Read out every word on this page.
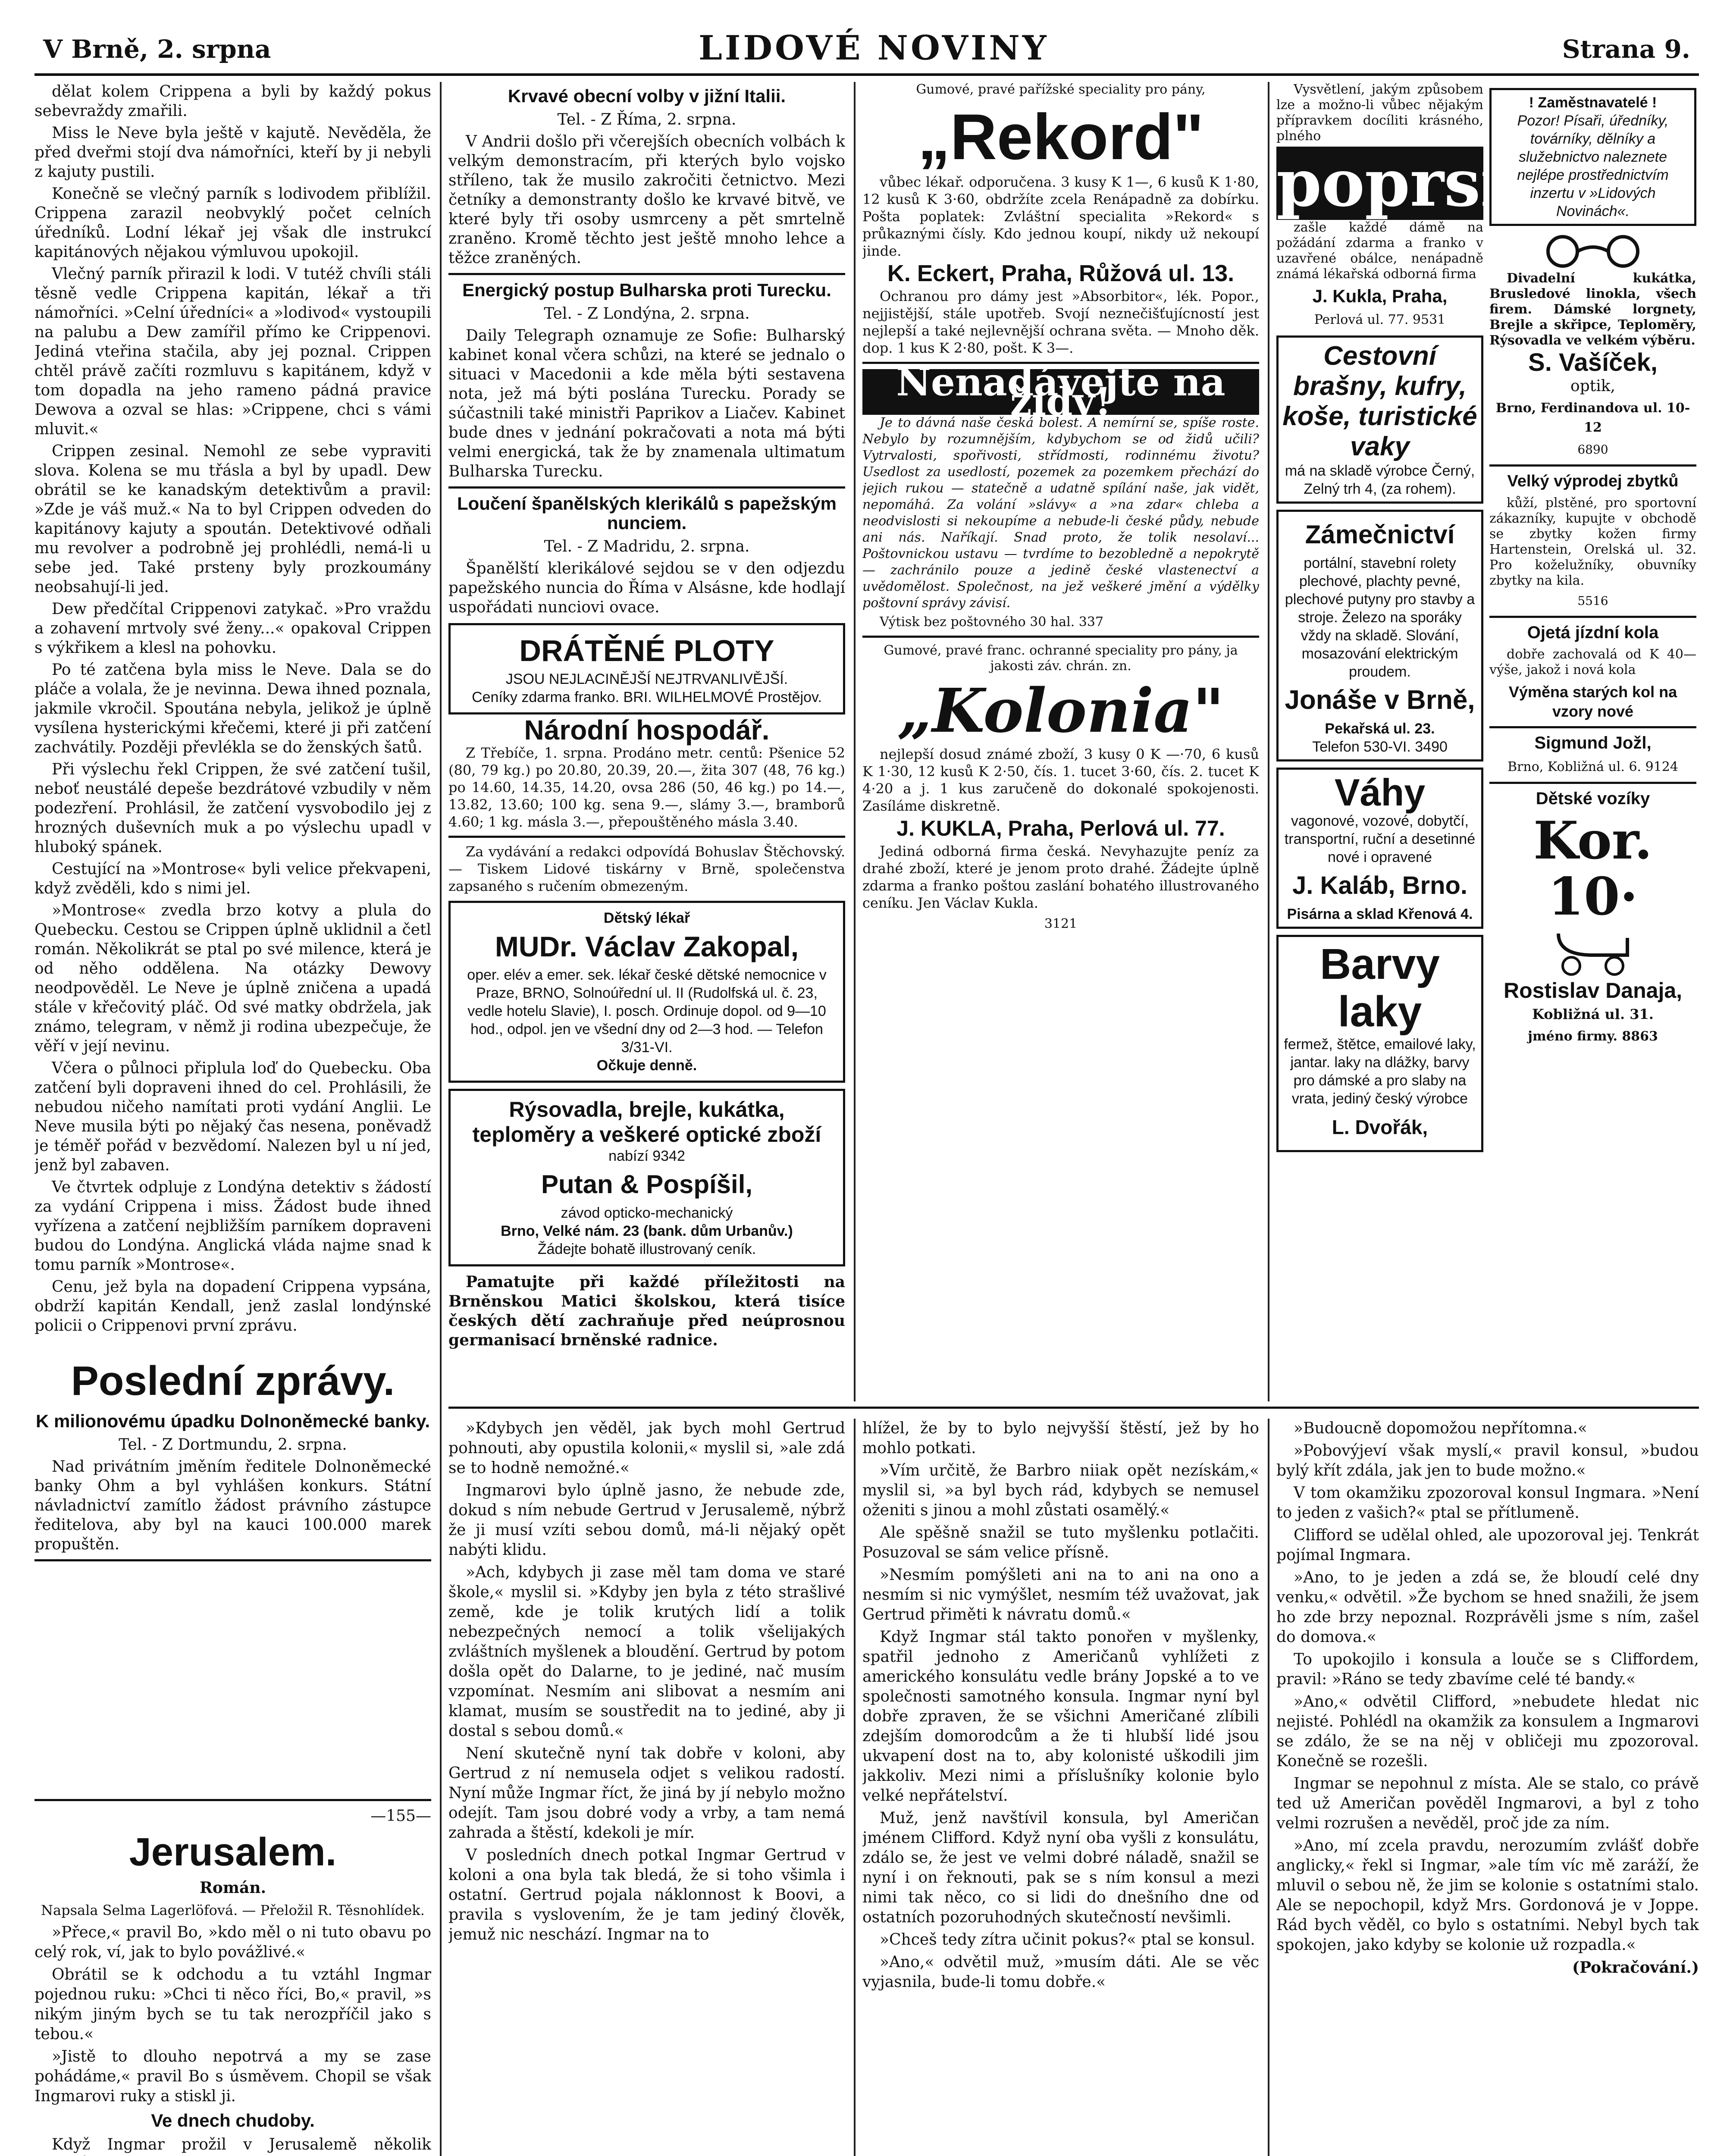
V Brně, 2. srpna	LIDOVÉ NOVINY	Strana 9.

dělat kolem Crippena a byli by každý pokus sebevraždy zmařili.

Miss le Neve byla ještě v kajutě. Nevěděla, že před dveřmi stojí dva námořníci, kteří by ji nebyli z kajuty pustili.

Konečně se vlečný parník s lodivodem přiblížil. Crippena zarazil neobvyklý počet celních úředníků. Lodní lékař jej však dle instrukcí kapitánových nějakou výmluvou upokojil.

Vlečný parník přirazil k lodi. V tutéž chvíli stáli těsně vedle Crippena kapitán, lékař a tři námořníci. »Celní úředníci« a »lodivod« vystoupili na palubu a Dew zamířil přímo ke Crippenovi. Jediná vteřina stačila, aby jej poznal. Crippen chtěl právě začíti rozmluvu s kapitánem, když v tom dopadla na jeho rameno pádná pravice Dewova a ozval se hlas: »Crippene, chci s vámi mluvit.«

Crippen zesinal. Nemohl ze sebe vypraviti slova. Kolena se mu třásla a byl by upadl. Dew obrátil se ke kanadským detektivům a pravil: »Zde je váš muž.« Na to byl Crippen odveden do kapitánovy kajuty a spoután. Detektivové odňali mu revolver a podrobně jej prohlédli, nemá-li u sebe jed. Také prsteny byly prozkoumány neobsahují-li jed.

Dew předčítal Crippenovi zatykač. »Pro vraždu a zohavení mrtvoly své ženy...« opakoval Crippen s výkřikem a klesl na pohovku.

Po té zatčena byla miss le Neve. Dala se do pláče a volala, že je nevinna. Dewa ihned poznala, jakmile vkročil. Spoutána nebyla, jelikož je úplně vysílena hysterickými křečemi, které ji při zatčení zachvátily. Později převlékla se do ženských šatů.

Při výslechu řekl Crippen, že své zatčení tušil, neboť neustálé depeše bezdrátové vzbudily v něm podezření. Prohlásil, že zatčení vysvobodilo jej z hrozných duševních muk a po výslechu upadl v hluboký spánek.

Cestující na »Montrose« byli velice překvapeni, když zvěděli, kdo s nimi jel.

»Montrose« zvedla brzo kotvy a plula do Quebecku. Cestou se Crippen úplně uklidnil a četl román. Několikrát se ptal po své milence, která je od něho oddělena. Na otázky Dewovy neodpověděl. Le Neve je úplně zničena a upadá stále v křečovitý pláč. Od své matky obdržela, jak známo, telegram, v němž ji rodina ubezpečuje, že věří v její nevinu.

Včera o půlnoci připlula loď do Quebecku. Oba zatčení byli dopraveni ihned do cel. Prohlásili, že nebudou ničeho namítati proti vydání Anglii. Le Neve musila býti po nějaký čas nesena, poněvadž je téměř pořád v bezvědomí. Nalezen byl u ní jed, jenž byl zabaven.

Ve čtvrtek odpluje z Londýna detektiv s žádostí za vydání Crippena i miss. Žádost bude ihned vyřízena a zatčení nejbližším parníkem dopraveni budou do Londýna. Anglická vláda najme snad k tomu parník »Montrose«.

Cenu, jež byla na dopadení Crippena vypsána, obdrží kapitán Kendall, jenž zaslal londýnské policii o Crippenovi první zprávu.

Poslední zprávy.
K milionovému úpadku Dolnoněmecké banky.

Tel. - Z Dortmundu, 2. srpna.

Nad privátním jměním ředitele Dolnoněmecké banky Ohm a byl vyhlášen konkurs. Státní návladnictví zamítlo žádost právního zástupce ředitelova, aby byl na kauci 100.000 marek propuštěn.

Krvavé obecní volby v jižní Italii.

Tel. - Z Říma, 2. srpna.

V Andrii došlo při včerejších obecních volbách k velkým demonstracím, při kterých bylo vojsko stříleno, tak že musilo zakročiti četnictvo. Mezi četníky a demonstranty došlo ke krvavé bitvě, ve které byly tři osoby usmrceny a pět smrtelně zraněno. Kromě těchto jest ještě mnoho lehce a těžce zraněných.

Energický postup Bulharska proti Turecku.

Tel. - Z Londýna, 2. srpna.

Daily Telegraph oznamuje ze Sofie: Bulharský kabinet konal včera schůzi, na které se jednalo o situaci v Macedonii a kde měla býti sestavena nota, jež má býti poslána Turecku. Porady se súčastnili také ministři Paprikov a Liačev. Kabinet bude dnes v jednání pokračovati a nota má býti velmi energická, tak že by znamenala ultimatum Bulharska Turecku.

Loučení španělských klerikálů s papežským nunciem.

Tel. - Z Madridu, 2. srpna.

Španělští klerikálové sejdou se v den odjezdu papežského nuncia do Říma v Alsásne, kde hodlají uspořádati nunciovi ovace.

DRÁTĚNÉ PLOTY
JSOU NEJLACINĚJŠÍ NEJTRVANLIVĚJŠÍ.
Ceníky zdarma franko. BRI. WILHELMOVÉ Prostějov.
Národní hospodář.

Z Třebíče, 1. srpna. Prodáno metr. centů: Pšenice 52 (80, 79 kg.) po 20.80, 20.39, 20.—, žita 307 (48, 76 kg.) po 14.60, 14.35, 14.20, ovsa 286 (50, 46 kg.) po 14.—, 13.82, 13.60; 100 kg. sena 9.—, slámy 3.—, bramborů 4.60; 1 kg. másla 3.—, přepouštěného másla 3.40.

Za vydávání a redakci odpovídá Bohuslav Štěchovský. — Tiskem Lidové tiskárny v Brně, společenstva zapsaného s ručením obmezeným.

Dětský lékař
MUDr. Václav Zakopal,
oper. elév a emer. sek. lékař české dětské nemocnice v Praze, BRNO, Solnoúřední ul. II (Rudolfská ul. č. 23, vedle hotelu Slavie), I. posch. Ordinuje dopol. od 9—10 hod., odpol. jen ve všední dny od 2—3 hod. — Telefon 3/31-VI.
Očkuje denně.
Rýsovadla, brejle, kukátka, teploměry a veškeré optické zboží
nabízí 9342
Putan & Pospíšil,
závod opticko-mechanický
Brno, Velké nám. 23 (bank. dům Urbanův.)
Žádejte bohatě illustrovaný ceník.

Pamatujte při každé příležitosti na Brněnskou Matici školskou, která tisíce českých dětí zachraňuje před neúprosnou germanisací brněnské radnice.

Gumové, pravé pařížské speciality pro pány,

„Rekord"

vůbec lékař. odporučena. 3 kusy K 1—, 6 kusů K 1·80, 12 kusů K 3·60, obdržíte zcela Renápadně za dobírku. Pošta poplatek: Zvláštní specialita »Rekord« s průkaznými čísly. Kdo jednou koupí, nikdy už nekoupí jinde.

K. Eckert, Praha, Růžová ul. 13.

Ochranou pro dámy jest »Absorbitor«, lék. Popor., nejjistější, stále upotřeb. Svojí neznečišťujícností jest nejlepší a také nejlevnější ochrana světa. — Mnoho děk. dop. 1 kus K 2·80, pošt. K 3—.

Nenadávejte na židy!

Je to dávná naše česká bolest. A nemírní se, spíše roste. Nebylo by rozumnějším, kdybychom se od židů učili? Vytrvalosti, spořivosti, střídmosti, rodinnému životu? Usedlost za usedlostí, pozemek za pozemkem přechází do jejich rukou — statečně a udatně spílání naše, jak vidět, nepomáhá. Za volání »slávy« a »na zdar« chleba a neodvislosti si nekoupíme a nebude-li české půdy, nebude ani nás. Naříkají. Snad proto, že tolik nesolaví... Poštovnickou ustavu — tvrdíme to bezobledně a nepokrytě — zachránilo pouze a jedině české vlastenectví a uvědomělost. Společnost, na jež veškeré jmění a výdělky poštovní správy závisí.

Výtisk bez poštovného 30 hal. 337

Gumové, pravé franc. ochranné speciality pro pány, ja jakosti záv. chrán. zn.

„Kolonia"

nejlepší dosud známé zboží, 3 kusy 0 K —·70, 6 kusů K 1·30, 12 kusů K 2·50, čís. 1. tucet 3·60, čís. 2. tucet K 4·20 a j. 1 kus zaručeně do dokonalé spokojenosti. Zasíláme diskretně.

J. KUKLA, Praha, Perlová ul. 77.

Jediná odborná firma česká. Nevyhazujte peníz za drahé zboží, které je jenom proto drahé. Žádejte úplně zdarma a franko poštou zaslání bohatého illustrovaného ceníku. Jen Václav Kukla.

3121

Vysvětlení, jakým způsobem lze a možno-li vůbec nějakým přípravkem docíliti krásného, plného

poprsí

zašle každé dámě na požádání zdarma a franko v uzavřené obálce, nenápadně známá lékařská odborná firma

J. Kukla, Praha,

Perlová ul. 77. 9531

Cestovní brašny, kufry, koše, turistické vaky
má na skladě výrobce Černý, Zelný trh 4, (za rohem).
Zámečnictví
portální, stavební rolety plechové, plachty pevné, plechové putyny pro stavby a stroje. Železo na sporáky vždy na skladě. Slování, mosazování elektrickým proudem.
Jonáše v Brně,
Pekařská ul. 23.
Telefon 530-VI. 3490
Váhy
vagonové, vozové, dobytčí, transportní, ruční a desetinné nové i opravené
J. Kaláb, Brno.
Pisárna a sklad Křenová 4.
Barvy laky
fermež, štětce, emailové laky, jantar. laky na dlážky, barvy pro dámské a pro slaby na vrata, jediný český výrobce
L. Dvořák,
! Zaměstnavatelé !
Pozor! Písaři, úředníky, továrníky, dělníky a služebnictvo naleznete nejlépe prostřednictvím inzertu v »Lidových Novinách«.

Divadelní kukátka, Brusledové linokla, všech firem. Dámské lorgnety, Brejle a skřipce, Teploměry, Rýsovadla ve velkém výběru.

S. Vašíček,

optik,

Brno, Ferdinandova ul. 10-12

6890

Velký výprodej zbytků

kůží, plstěné, pro sportovní zákazníky, kupujte v obchodě se zbytky kožen firmy Hartenstein, Orelská ul. 32. Pro koželužníky, obuvníky zbytky na kila.

5516

Ojetá jízdní kola

dobře zachovalá od K 40— výše, jakož i nová kola

Výměna starých kol na vzory nové
Sigmund Jožl,

Brno, Kobližná ul. 6. 9124

Dětské vozíky
Kor. 10·
Rostislav Danaja,

Kobližná ul. 31.

jméno firmy. 8863

—155—

Jerusalem.

Román.

Napsala Selma Lagerlöfová. — Přeložil R. Těsnohlídek.

»Přece,« pravil Bo, »kdo měl o ni tuto obavu po celý rok, ví, jak to bylo povážlivé.«

Obrátil se k odchodu a tu vztáhl Ingmar pojednou ruku: »Chci ti něco říci, Bo,« pravil, »s nikým jiným bych se tu tak nerozpříčil jako s tebou.«

»Jistě to dlouho nepotrvá a my se zase pohádáme,« pravil Bo s úsměvem. Chopil se však Ingmarovi ruky a stiskl ji.

Ve dnech chudoby.

Když Ingmar prožil v Jerusalemě několik

»Kdybych jen věděl, jak bych mohl Gertrud pohnouti, aby opustila kolonii,« myslil si, »ale zdá se to hodně nemožné.«

Ingmarovi bylo úplně jasno, že nebude zde, dokud s ním nebude Gertrud v Jerusalemě, nýbrž že ji musí vzíti sebou domů, má-li nějaký opět nabýti klidu.

»Ach, kdybych ji zase měl tam doma ve staré škole,« myslil si. »Kdyby jen byla z této strašlivé země, kde je tolik krutých lidí a tolik nebezpečných nemocí a tolik všelijakých zvláštních myšlenek a bloudění. Gertrud by potom došla opět do Dalarne, to je jediné, nač musím vzpomínat. Nesmím ani slibovat a nesmím ani klamat, musím se soustředit na to jediné, aby ji dostal s sebou domů.«

Není skutečně nyní tak dobře v koloni, aby Gertrud z ní nemusela odjet s velikou radostí. Nyní může Ingmar říct, že jiná by jí nebylo možno odejít. Tam jsou dobré vody a vrby, a tam nemá zahrada a štěstí, kdekoli je mír.

V posledních dnech potkal Ingmar Gertrud v koloni a ona byla tak bledá, že si toho všimla i ostatní. Gertrud pojala náklonnost k Boovi, a pravila s vyslovením, že je tam jediný člověk, jemuž nic neschází. Ingmar na to

hlížel, že by to bylo nejvyšší štěstí, jež by ho mohlo potkati.

»Vím určitě, že Barbro niiak opět nezískám,« myslil si, »a byl bych rád, kdybych se nemusel oženiti s jinou a mohl zůstati osamělý.«

Ale spěšně snažil se tuto myšlenku potlačiti. Posuzoval se sám velice přísně.

»Nesmím pomýšleti ani na to ani na ono a nesmím si nic vymýšlet, nesmím též uvažovat, jak Gertrud přiměti k návratu domů.«

Když Ingmar stál takto ponořen v myšlenky, spatřil jednoho z Američanů vyhlížeti z amerického konsulátu vedle brány Jopské a to ve společnosti samotného konsula. Ingmar nyní byl dobře zpraven, že se všichni Američané zlíbili zdejším domorodcům a že ti hlubší lidé jsou ukvapení dost na to, aby kolonisté uškodili jim jakkoliv. Mezi nimi a příslušníky kolonie bylo velké nepřátelství.

Muž, jenž navštívil konsula, byl Američan jménem Clifford. Když nyní oba vyšli z konsulátu, zdálo se, že jest ve velmi dobré náladě, snažil se nyní i on řeknouti, pak se s ním konsul a mezi nimi tak něco, co si lidi do dnešního dne od ostatních pozoruhodných skutečností nevšimli.

»Chceš tedy zítra učinit pokus?« ptal se konsul.

»Ano,« odvětil muž, »musím dáti. Ale se věc vyjasnila, bude-li tomu dobře.«

»Budoucně dopomožou nepřítomna.«

»Pobovýjeví však myslí,« pravil konsul, »budou bylý křít zdála, jak jen to bude možno.«

V tom okamžiku zpozoroval konsul Ingmara. »Není to jeden z vašich?« ptal se přítlumeně.

Clifford se udělal ohled, ale upozoroval jej. Tenkrát pojímal Ingmara.

»Ano, to je jeden a zdá se, že bloudí celé dny venku,« odvětil. »Že bychom se hned snažili, že jsem ho zde brzy nepoznal. Rozprávěli jsme s ním, zašel do domova.«

To upokojilo i konsula a louče se s Cliffordem, pravil: »Ráno se tedy zbavíme celé té bandy.«

»Ano,« odvětil Clifford, »nebudete hledat nic nejisté. Pohlédl na okamžik za konsulem a Ingmarovi se zdálo, že se na něj v obličeji mu zpozoroval. Konečně se rozešli.

Ingmar se nepohnul z místa. Ale se stalo, co právě ted už Američan pověděl Ingmarovi, a byl z toho velmi rozrušen a nevěděl, proč jde za ním.

»Ano, mí zcela pravdu, nerozumím zvlášť dobře anglicky,« řekl si Ingmar, »ale tím víc mě zaráží, že mluvil o sebou ně, že jim se kolonie s ostatními stalo. Ale se nepochopil, když Mrs. Gordonová je v Joppe. Rád bych věděl, co bylo s ostatními. Nebyl bych tak spokojen, jako kdyby se kolonie už rozpadla.«

(Pokračování.)
